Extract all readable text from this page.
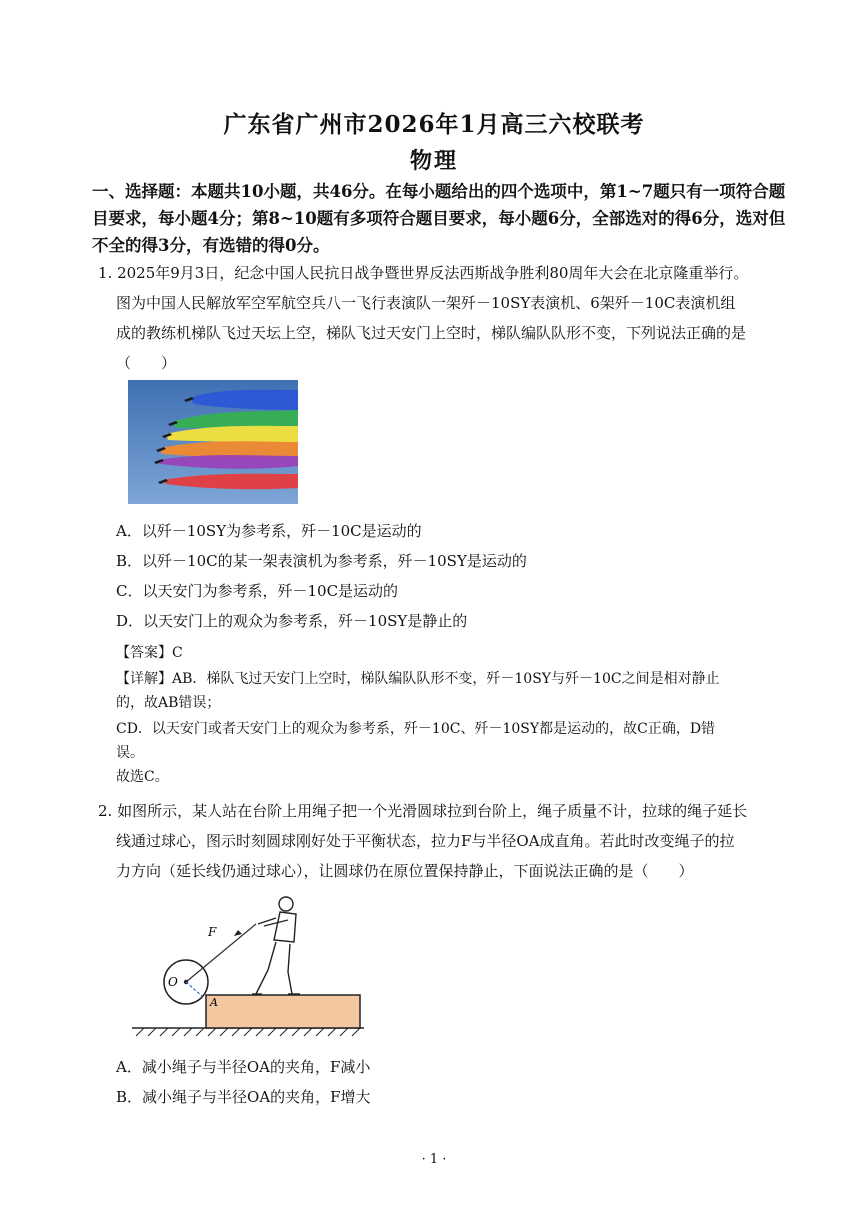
广东省广州市2026年1月高三六校联考
物理
一、选择题：本题共10小题，共46分。在每小题给出的四个选项中，第1~7题只有一项符合题目要求，每小题4分；第8~10题有多项符合题目要求，每小题6分，全部选对的得6分，选对但不全的得3分，有选错的得0分。
1. 2025年9月3日，纪念中国人民抗日战争暨世界反法西斯战争胜利80周年大会在北京隆重举行。
图为中国人民解放军空军航空兵八一飞行表演队一架歼－10SY表演机、6架歼－10C表演机组
成的教练机梯队飞过天坛上空，梯队飞过天安门上空时，梯队编队队形不变，下列说法正确的是
（　　）
A．以歼－10SY为参考系，歼－10C是运动的
B．以歼－10C的某一架表演机为参考系，歼－10SY是运动的
C．以天安门为参考系，歼－10C是运动的
D．以天安门上的观众为参考系，歼－10SY是静止的
【答案】C
【详解】AB．梯队飞过天安门上空时，梯队编队队形不变，歼－10SY与歼－10C之间是相对静止
的，故AB错误；
CD．以天安门或者天安门上的观众为参考系，歼－10C、歼－10SY都是运动的，故C正确，D错
误。
故选C。
2. 如图所示，某人站在台阶上用绳子把一个光滑圆球拉到台阶上，绳子质量不计，拉球的绳子延长
线通过球心，图示时刻圆球刚好处于平衡状态，拉力F与半径OA成直角。若此时改变绳子的拉
力方向（延长线仍通过球心），让圆球仍在原位置保持静止，下面说法正确的是（　　）
O
A
F
A．减小绳子与半径OA的夹角，F减小
B．减小绳子与半径OA的夹角，F增大
· 1 ·
